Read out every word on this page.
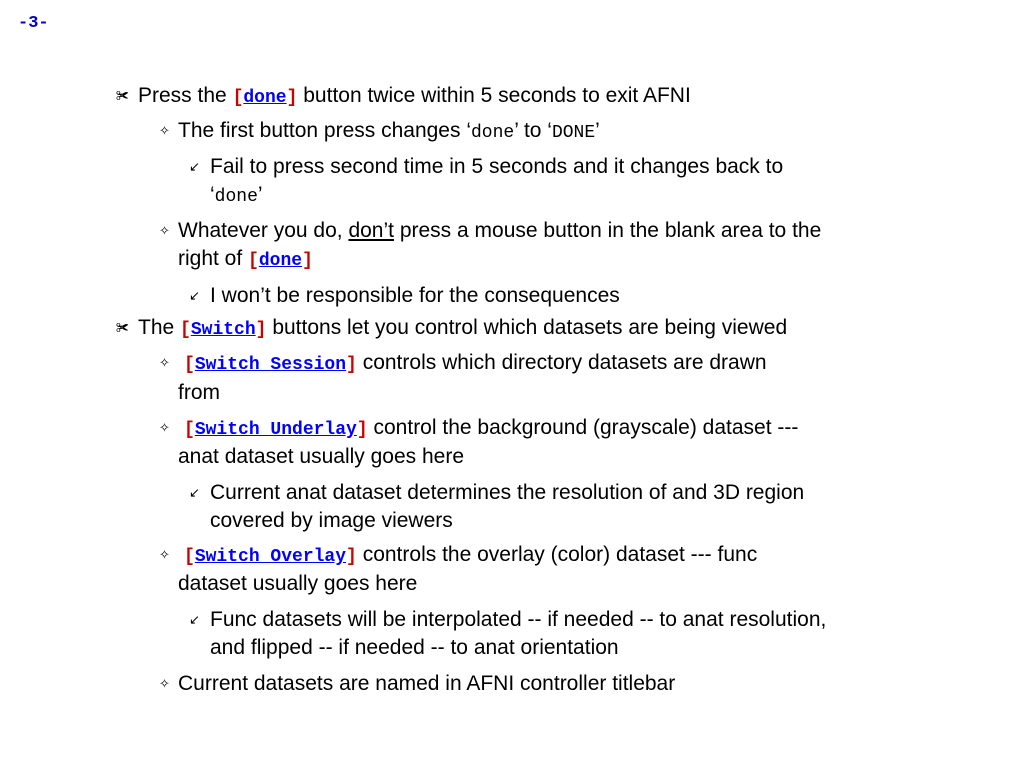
-3-
✀ Press the [done] button twice within 5 seconds to exit AFNI
✧ The first button press changes ‘done’ to ‘DONE’
↙ Fail to press second time in 5 seconds and it changes back to
‘done’
✧ Whatever you do, don’t press a mouse button in the blank area to the
right of [done]
↙ I won’t be responsible for the consequences
✀ The [Switch] buttons let you control which datasets are being viewed
✧ [Switch Session] controls which directory datasets are drawn
from
✧ [Switch Underlay] control the background (grayscale) dataset ---
anat dataset usually goes here
↙ Current anat dataset determines the resolution of and 3D region
covered by image viewers
✧ [Switch Overlay] controls the overlay (color) dataset --- func
dataset usually goes here
↙ Func datasets will be interpolated -- if needed -- to anat resolution,
and flipped -- if needed -- to anat orientation
✧ Current datasets are named in AFNI controller titlebar
